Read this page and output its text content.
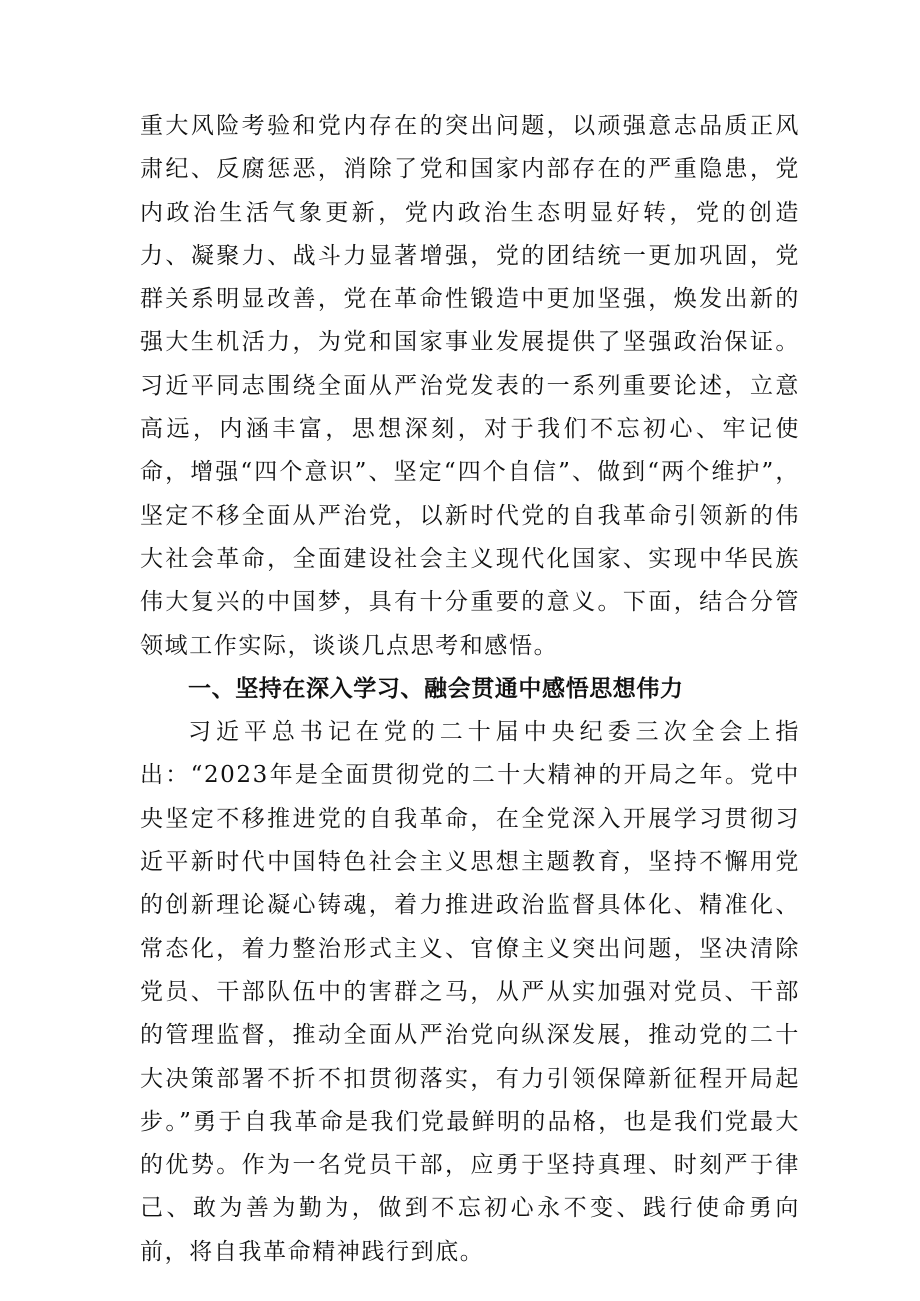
重大风险考验和党内存在的突出问题，以顽强意志品质正风肃纪、反腐惩恶，消除了党和国家内部存在的严重隐患，党内政治生活气象更新，党内政治生态明显好转，党的创造力、凝聚力、战斗力显著增强，党的团结统一更加巩固，党群关系明显改善，党在革命性锻造中更加坚强，焕发出新的强大生机活力，为党和国家事业发展提供了坚强政治保证。习近平同志围绕全面从严治党发表的一系列重要论述，立意高远，内涵丰富，思想深刻，对于我们不忘初心、牢记使命，增强“四个意识”、坚定“四个自信”、做到“两个维护”，坚定不移全面从严治党，以新时代党的自我革命引领新的伟大社会革命，全面建设社会主义现代化国家、实现中华民族伟大复兴的中国梦，具有十分重要的意义。下面，结合分管领域工作实际，谈谈几点思考和感悟。

一、坚持在深入学习、融会贯通中感悟思想伟力

习近平总书记在党的二十届中央纪委三次全会上指出：“2023年是全面贯彻党的二十大精神的开局之年。党中央坚定不移推进党的自我革命，在全党深入开展学习贯彻习近平新时代中国特色社会主义思想主题教育，坚持不懈用党的创新理论凝心铸魂，着力推进政治监督具体化、精准化、常态化，着力整治形式主义、官僚主义突出问题，坚决清除党员、干部队伍中的害群之马，从严从实加强对党员、干部的管理监督，推动全面从严治党向纵深发展，推动党的二十大决策部署不折不扣贯彻落实，有力引领保障新征程开局起步。”勇于自我革命是我们党最鲜明的品格，也是我们党最大的优势。作为一名党员干部，应勇于坚持真理、时刻严于律己、敢为善为勤为，做到不忘初心永不变、践行使命勇向前，将自我革命精神践行到底。
